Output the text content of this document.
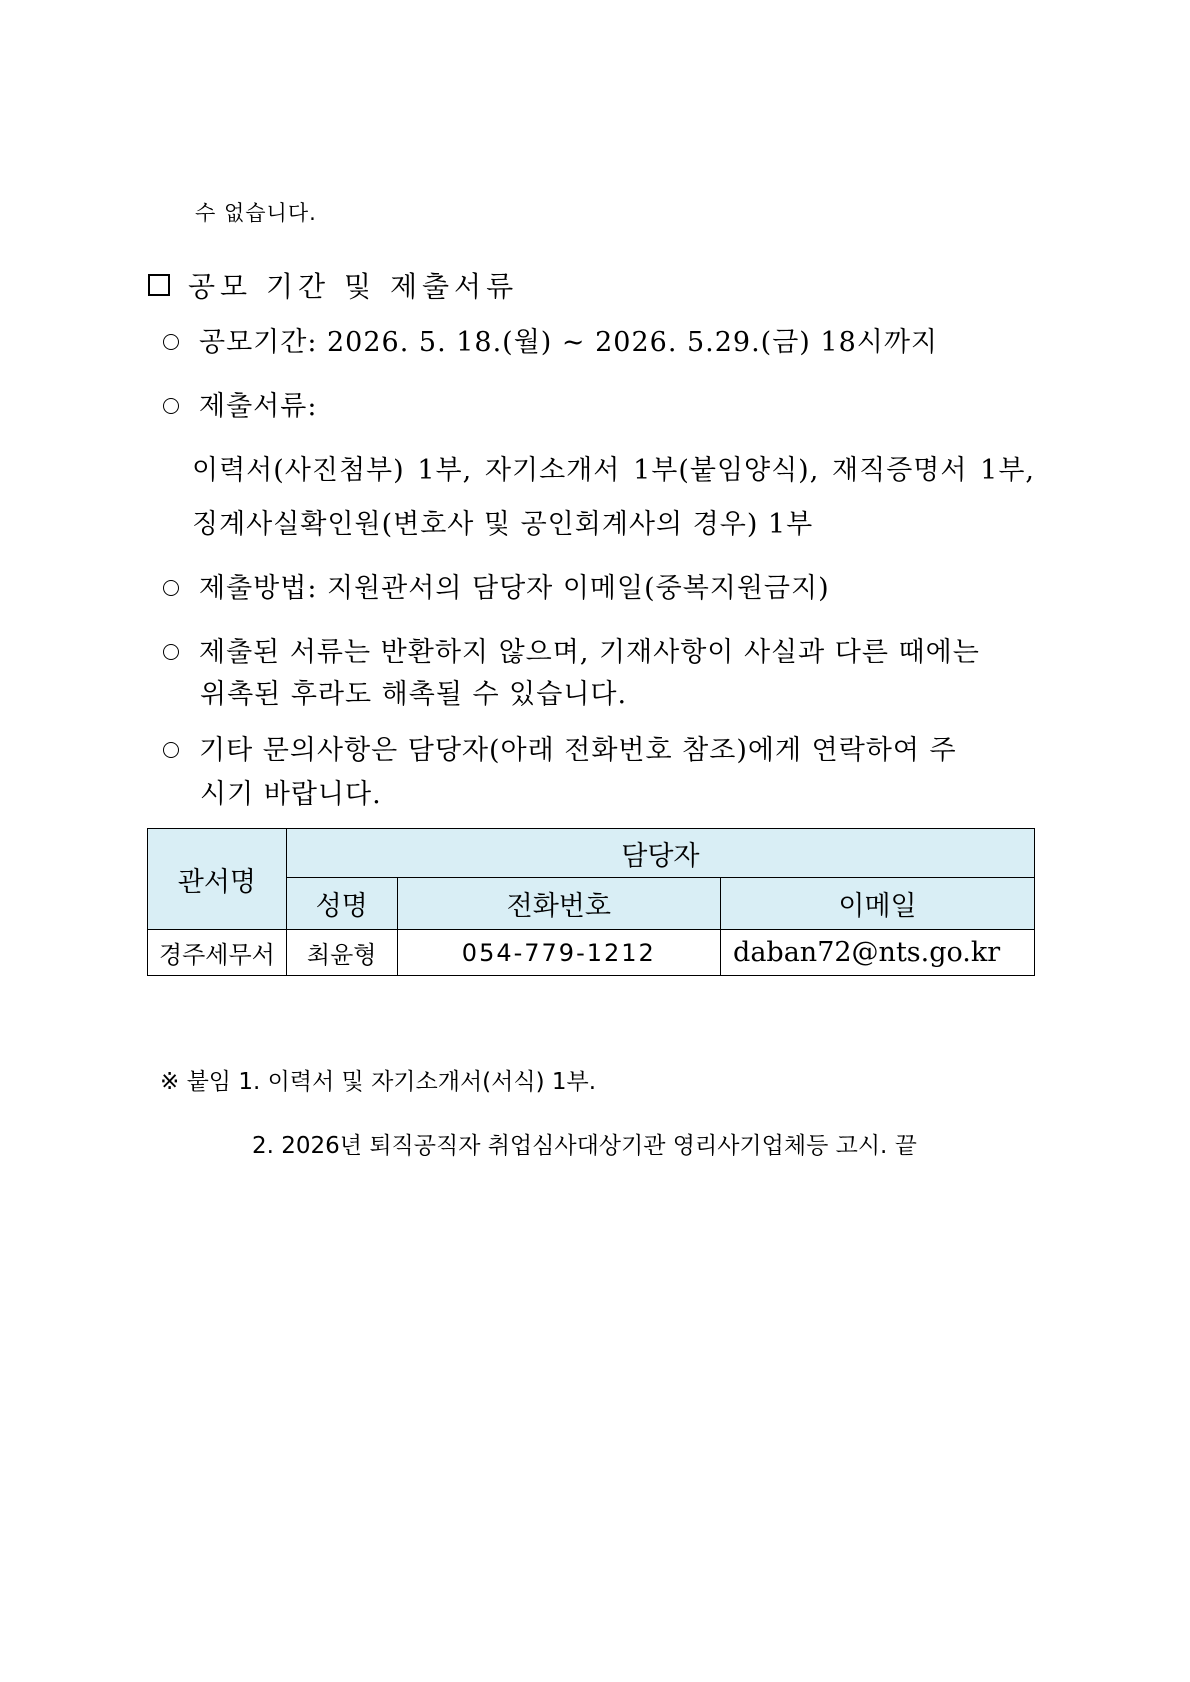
수 없습니다.
공모 기간 및 제출서류
공모기간: 2026. 5. 18.(월) ~ 2026. 5.29.(금) 18시까지
제출서류:
이력서(사진첨부) 1부, 자기소개서 1부(붙임양식), 재직증명서 1부,
징계사실확인원(변호사 및 공인회계사의 경우) 1부
제출방법: 지원관서의 담당자 이메일(중복지원금지)
제출된 서류는 반환하지 않으며, 기재사항이 사실과 다른 때에는
위촉된 후라도 해촉될 수 있습니다.
기타 문의사항은 담당자(아래 전화번호 참조)에게 연락하여 주
시기 바랍니다.
관서명	담당자		
	성명	전화번호	이메일
경주세무서	최윤형	054-779-1212	daban72@nts.go.kr
※ 붙임 1. 이력서 및 자기소개서(서식) 1부.
2. 2026년 퇴직공직자 취업심사대상기관 영리사기업체등 고시. 끝
